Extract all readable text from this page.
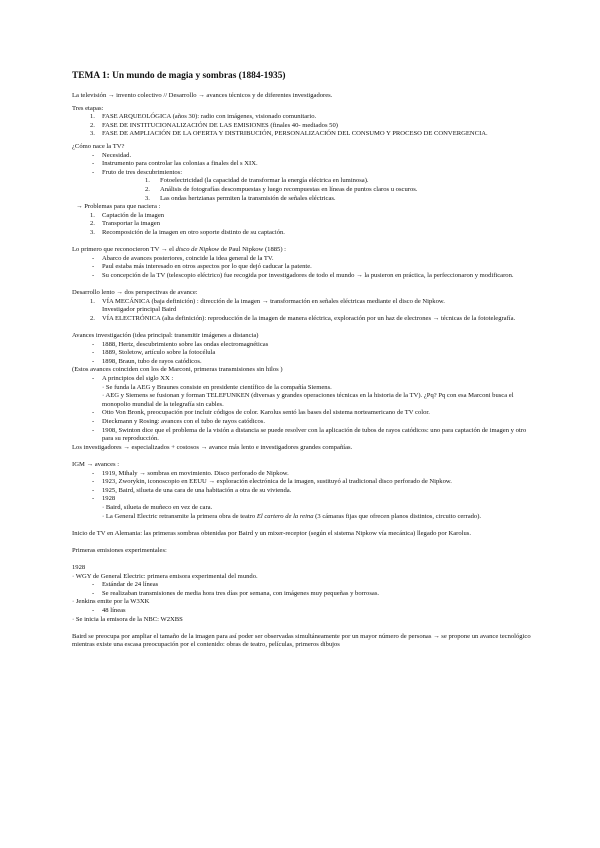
TEMA 1: Un mundo de magia y sombras (1884-1935)

La televisión → invento colectivo // Desarrollo → avances técnicos y de diferentes investigadores.

Tres etapas:

1.	FASE ARQUEOLÓGICA (años 30): radio con imágenes, visionado comunitario.
2.	FASE DE INSTITUCIONALIZACIÓN DE LAS EMISIONES (finales 40- mediados 50)
3.	FASE DE AMPLIACIÓN DE LA OFERTA Y DISTRIBUCIÓN, PERSONALIZACIÓN DEL CONSUMO Y PROCESO DE CONVERGENCIA.

¿Cómo nace la TV?

-	Necesidad.
-	Instrumento para controlar las colonias a finales del s XIX.
-	Fruto de tres descubrimientos:
1.	Fotoelectricidad (la capacidad de transformar la energía eléctrica en luminosa).
2.	Análisis de fotografías descompuestas y luego recompuestas en líneas de puntos claros u oscuros.
3.	Las ondas hertzianas permiten la transmisión de señales eléctricas.

→ Problemas para que naciera :

1.	Captación de la imagen
2.	Transportar la imagen
3.	Recomposición de la imagen en otro soporte distinto de su captación.

Lo primero que reconocieron TV → el disco de Nipkow de Paul Nipkow (1885) :

-	Abarco de avances posteriores, coincide la idea general de la TV.
-	Paul estaba más interesado en otros aspectos por lo que dejó caducar la patente.
-	Su concepción de la TV (telescopio eléctrico) fue recogida por investigadores de todo el mundo → la pusieron en práctica, la perfeccionaron y modificaron.

Desarrollo lento → dos perspectivas de avance:

1.	VÍA MECÁNICA (baja definición) : dirección de la imagen → transformación en señales eléctricas mediante el disco de Nipkow.

Investigador principal Baird

2.	VÍA ELECTRÓNICA (alta definición): reproducción de la imagen de manera eléctrica, exploración por un haz de electrones → técnicas de la fototelegrafía.

Avances investigación (idea principal: transmitir imágenes a distancia)

-	1888, Hertz, descubrimiento sobre las ondas electromagnéticas
-	1889, Stoletow, artículo sobre la fotocélula
-	1898, Braun, tubo de rayos catódicos.

(Estos avances coinciden con los de Marconi, primeras transmisiones sin hilos )

-	A principios del siglo XX :

· Se funda la AEG y Braunes consiste en presidente científico de la compañía Siemens.

· AEG y Siemens se fusionan y forman TELEFUNKEN (diversas y grandes operaciones técnicas en la historia de la TV). ¿Pq? Pq con esa Marconi busca el monopolio mundial de la telegrafía sin cables.

-	Otto Von Bronk, preocupación por incluir códigos de color. Karolus sentó las bases del sistema norteamericano de TV color.
-	Dieckmann y Rosing: avances con el tubo de rayos catódicos.
-	1908, Swinton dice que el problema de la visión a distancia se puede resolver con la aplicación de tubos de rayos catódicos: uno para captación de imagen y otro para su reproducción.

Los investigadores → especializados + costosos → avance más lento e investigadores grandes compañías.

IGM → avances :

-	1919, Mihaly → sombras en movimiento. Disco perforado de Nipkow.
-	1923, Zworykin, iconoscopio en EEUU → exploración electrónica de la imagen, sustituyó al tradicional disco perforado de Nipkow.
-	1925, Baird, silueta de una cara de una habitación a otra de su vivienda.
-	1928

· Baird, silueta de muñeco en vez de cara.

· La General Electric retransmite la primera obra de teatro El cartero de la reina (3 cámaras fijas que ofrecen planos distintos, circuito cerrado).

Inicio de TV en Alemania: las primeras sombras obtenidas por Baird y un mixer-receptor (según el sistema Nipkow vía mecánica) llegado por Karolus.

Primeras emisiones experimentales:

1928

· WGY de General Electric: primera emisora experimental del mundo.

-	Estándar de 24 líneas
-	Se realizaban transmisiones de media hora tres días por semana, con imágenes muy pequeñas y borrosas.

· Jenkins emite por la W3XK

-	48 líneas

· Se inicia la emisora de la NBC: W2XBS

Baird se preocupa por ampliar el tamaño de la imagen para así poder ser observadas simultáneamente por un mayor número de personas → se propone un avance tecnológico mientras existe una escasa preocupación por el contenido: obras de teatro, películas, primeros dibujos
